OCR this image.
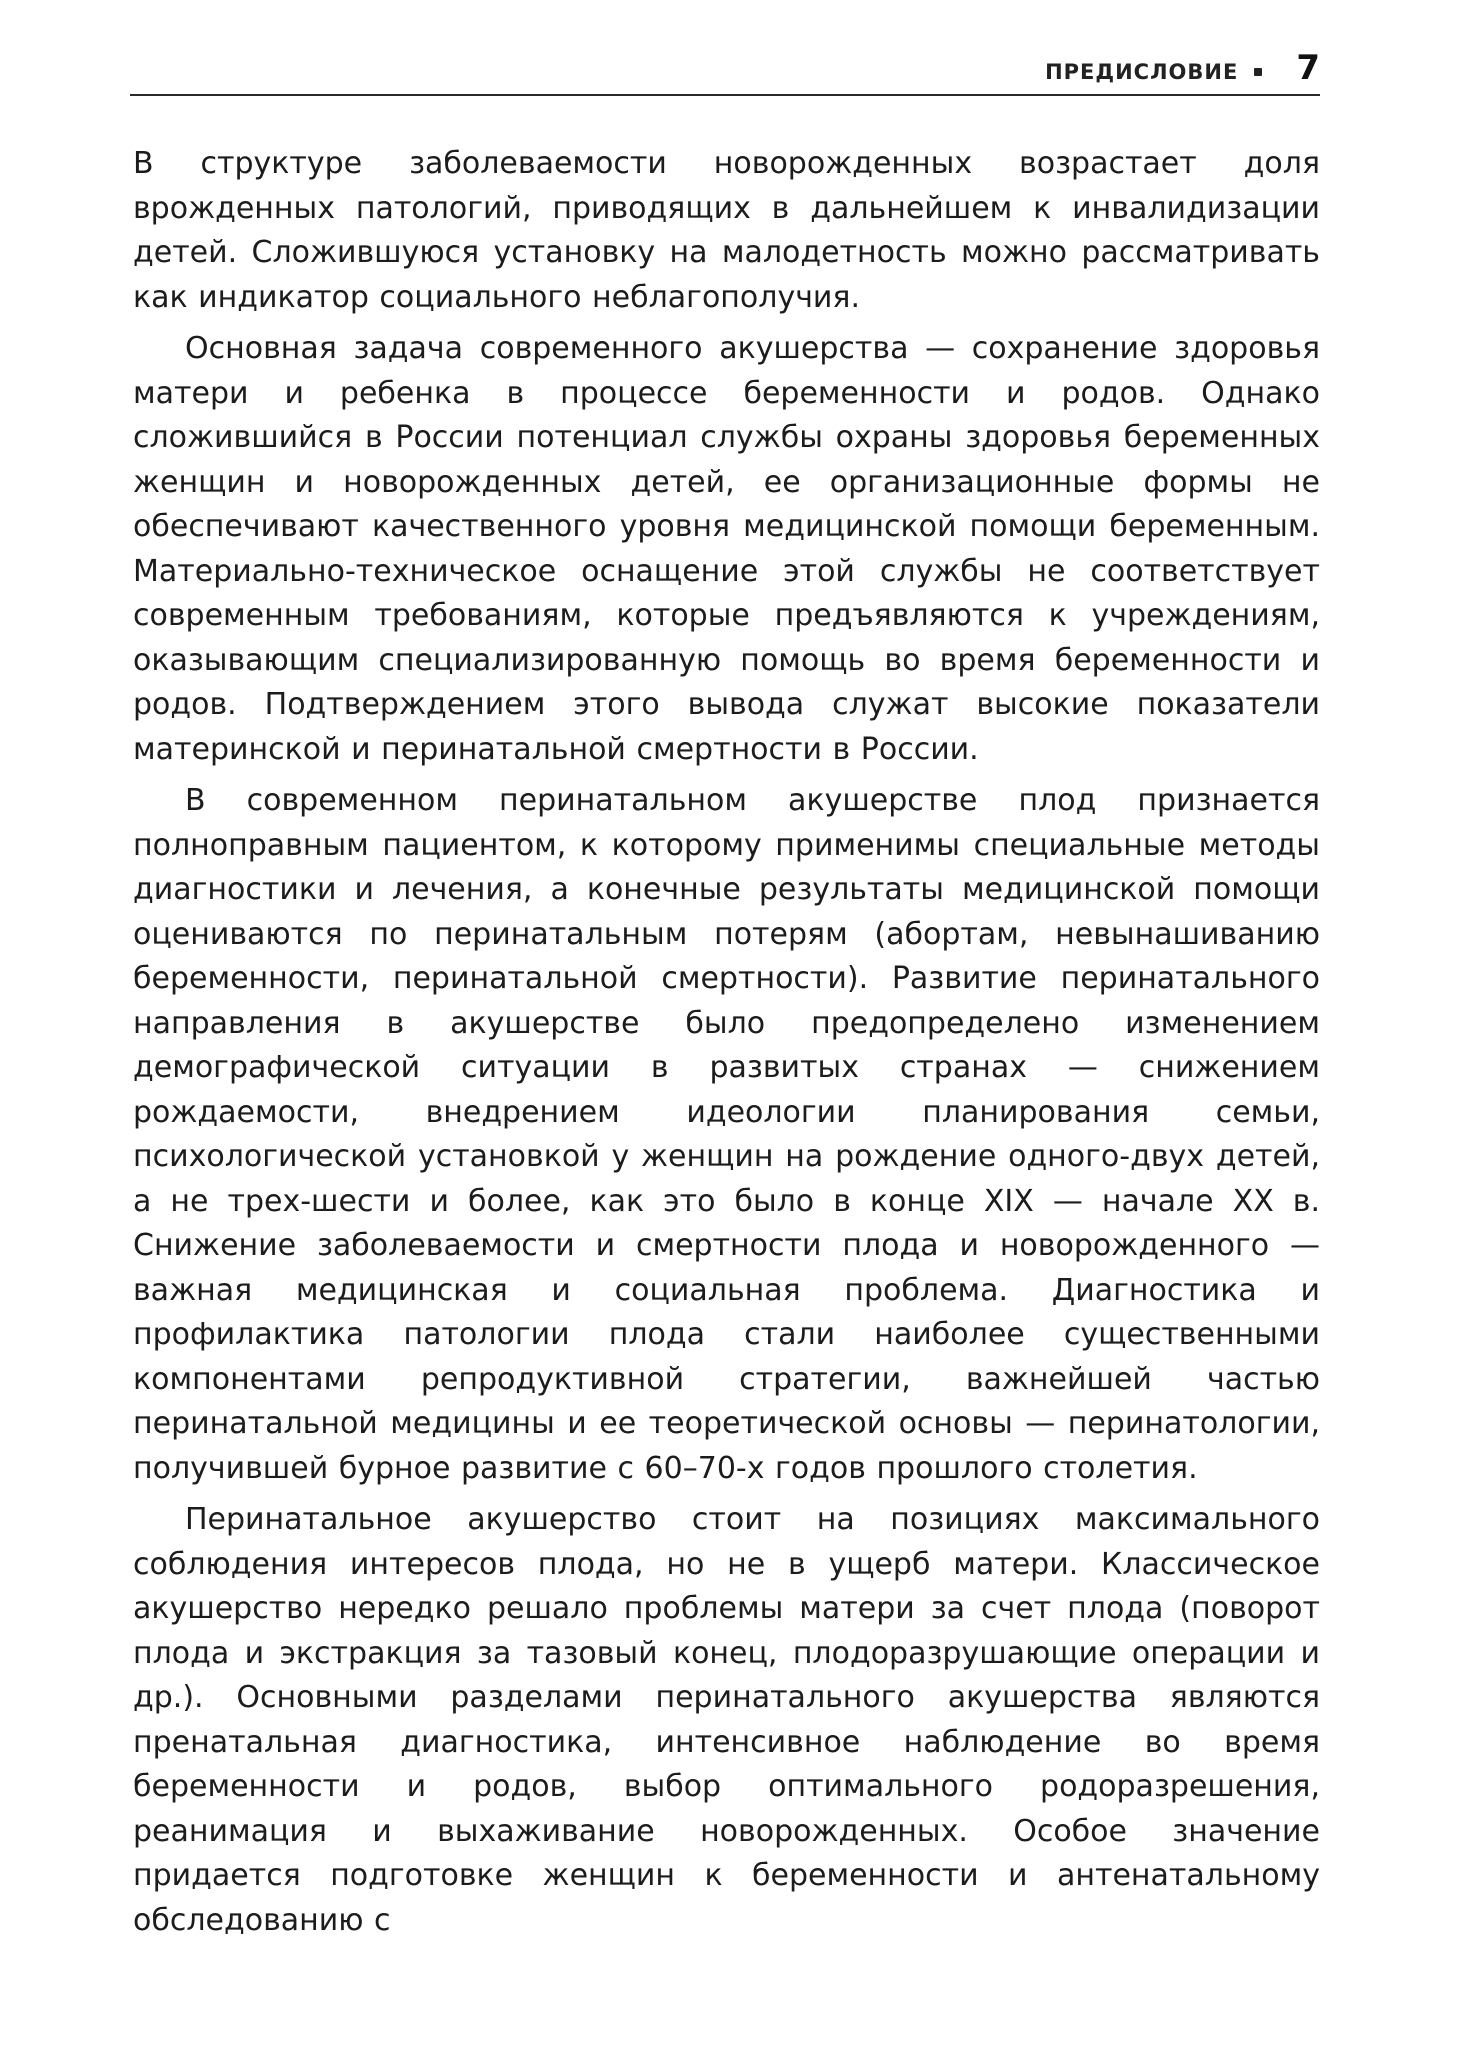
ПРЕДИСЛОВИЕ 7

В структуре заболеваемости новорожденных возрастает доля врожденных патологий, приводящих в дальнейшем к инвалидизации детей. Сложившуюся установку на малодетность можно рассматривать как индикатор социального неблагополучия.

Основная задача современного акушерства — сохранение здоровья матери и ребенка в процессе беременности и родов. Однако сложившийся в России потенциал службы охраны здоровья беременных женщин и новорожденных детей, ее организационные формы не обеспечивают качественного уровня медицинской помощи беременным. Материально-техническое оснащение этой службы не соответствует современным требованиям, которые предъявляются к учреждениям, оказывающим специализированную помощь во время беременности и родов. Подтверждением этого вывода служат высокие показатели материнской и перинатальной смертности в России.

В современном перинатальном акушерстве плод признается полноправным пациентом, к которому применимы специальные методы диагностики и лечения, а конечные результаты медицинской помощи оцениваются по перинатальным потерям (абортам, невынашиванию беременности, перинатальной смертности). Развитие перинатального направления в акушерстве было предопределено изменением демографической ситуации в развитых странах — снижением рождаемости, внедрением идеологии планирования семьи, психологической установкой у женщин на рождение одного-двух детей, а не трех-шести и более, как это было в конце XIX — начале XX в. Снижение заболеваемости и смертности плода и новорожденного — важная медицинская и социальная проблема. Диагностика и профилактика патологии плода стали наиболее существенными компонентами репродуктивной стратегии, важнейшей частью перинатальной медицины и ее теоретической основы — перинатологии, получившей бурное развитие с 60–70-х годов прошлого столетия.

Перинатальное акушерство стоит на позициях максимального соблюдения интересов плода, но не в ущерб матери. Классическое акушерство нередко решало проблемы матери за счет плода (поворот плода и экстракция за тазовый конец, плодоразрушающие операции и др.). Основными разделами перинатального акушерства являются пренатальная диагностика, интенсивное наблюдение во время беременности и родов, выбор оптимального родоразрешения, реанимация и выхаживание новорожденных. Особое значение придается подготовке женщин к беременности и антенатальному обследованию с
